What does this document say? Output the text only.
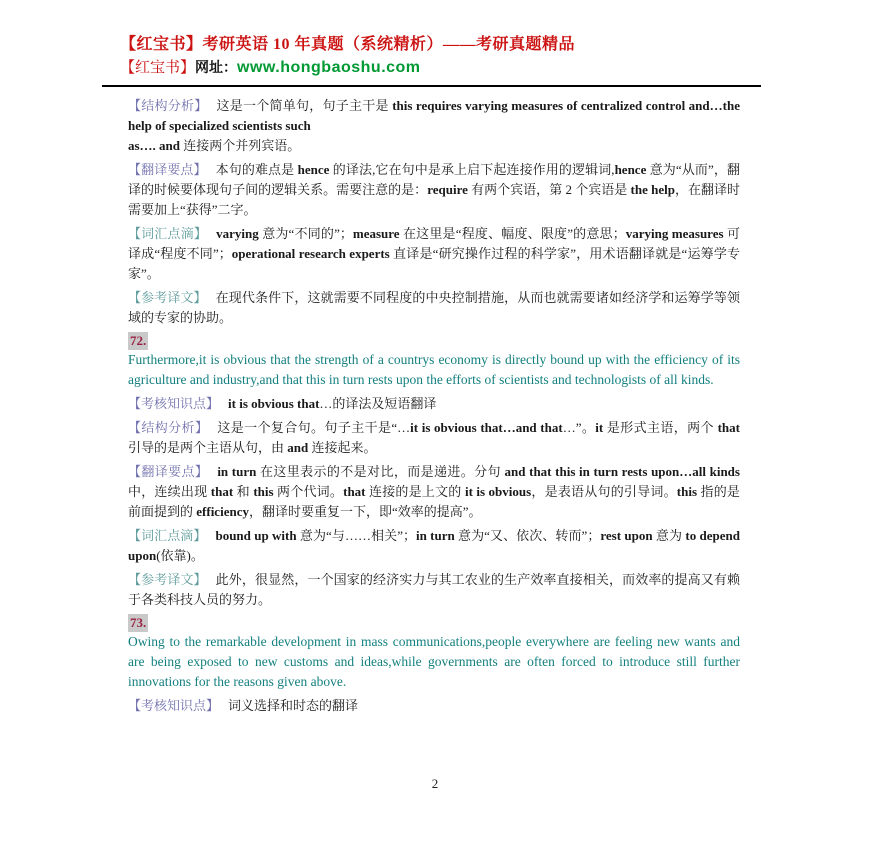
【红宝书】考研英语 10 年真题（系统精析）——考研真题精品
【红宝书】网址：www.hongbaoshu.com

【结构分析】 这是一个简单句，句子主干是 this requires varying measures of centralized control and…the help of specialized scientists such
as…. and 连接两个并列宾语。

【翻译要点】 本句的难点是 hence 的译法,它在句中是承上启下起连接作用的逻辑词,hence 意为“从而”，翻译的时候要体现句子间的逻辑关系。需要注意的是：require 有两个宾语，第 2 个宾语是 the help，在翻译时需要加上“获得”二字。

【词汇点滴】 varying 意为“不同的”；measure 在这里是“程度、幅度、限度”的意思；varying measures 可译成“程度不同”；operational research experts 直译是“研究操作过程的科学家”，用术语翻译就是“运筹学专家”。

【参考译文】 在现代条件下，这就需要不同程度的中央控制措施，从而也就需要诸如经济学和运筹学等领域的专家的协助。

72.
Furthermore,it is obvious that the strength of a countrys economy is directly bound up with the efficiency of its agriculture and industry,and that this in turn rests upon the efforts of scientists and technologists of all kinds.

【考核知识点】 it is obvious that…的译法及短语翻译

【结构分析】 这是一个复合句。句子主干是“…it is obvious that…and that…”。it 是形式主语，两个 that 引导的是两个主语从句，由 and 连接起来。

【翻译要点】 in turn 在这里表示的不是对比，而是递进。分句 and that this in turn rests upon…all kinds 中，连续出现 that 和 this 两个代词。that 连接的是上文的 it is obvious，是表语从句的引导词。this 指的是前面提到的 efficiency，翻译时要重复一下，即“效率的提高”。

【词汇点滴】 bound up with 意为“与……相关”；in turn 意为“又、依次、转而”；rest upon 意为 to depend upon(依靠)。

【参考译文】 此外，很显然，一个国家的经济实力与其工农业的生产效率直接相关，而效率的提高又有赖于各类科技人员的努力。

73.
Owing to the remarkable development in mass communications,people everywhere are feeling new wants and are being exposed to new customs and ideas,while governments are often forced to introduce still further innovations for the reasons given above.

【考核知识点】 词义选择和时态的翻译

2
